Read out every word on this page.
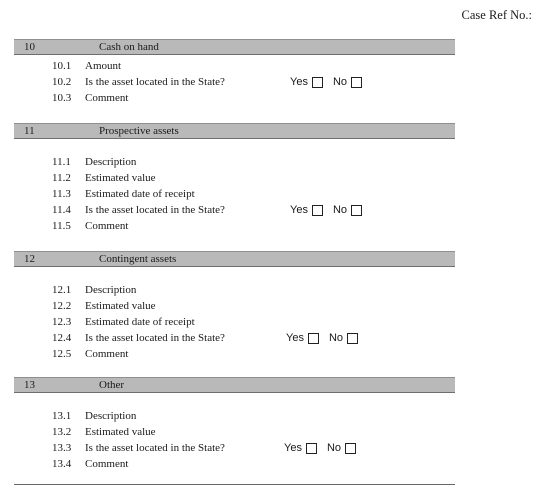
Case Ref No.:
10	Cash on hand
10.1 Amount
10.2 Is the asset located in the State?	Yes No
10.3 Comment
11	Prospective assets
11.1 Description
11.2 Estimated value
11.3 Estimated date of receipt
11.4 Is the asset located in the State?	Yes No
11.5 Comment
12	Contingent assets
12.1 Description
12.2 Estimated value
12.3 Estimated date of receipt
12.4 Is the asset located in the State?	Yes No
12.5 Comment
13	Other
13.1 Description
13.2 Estimated value
13.3 Is the asset located in the State?	Yes No
13.4 Comment
